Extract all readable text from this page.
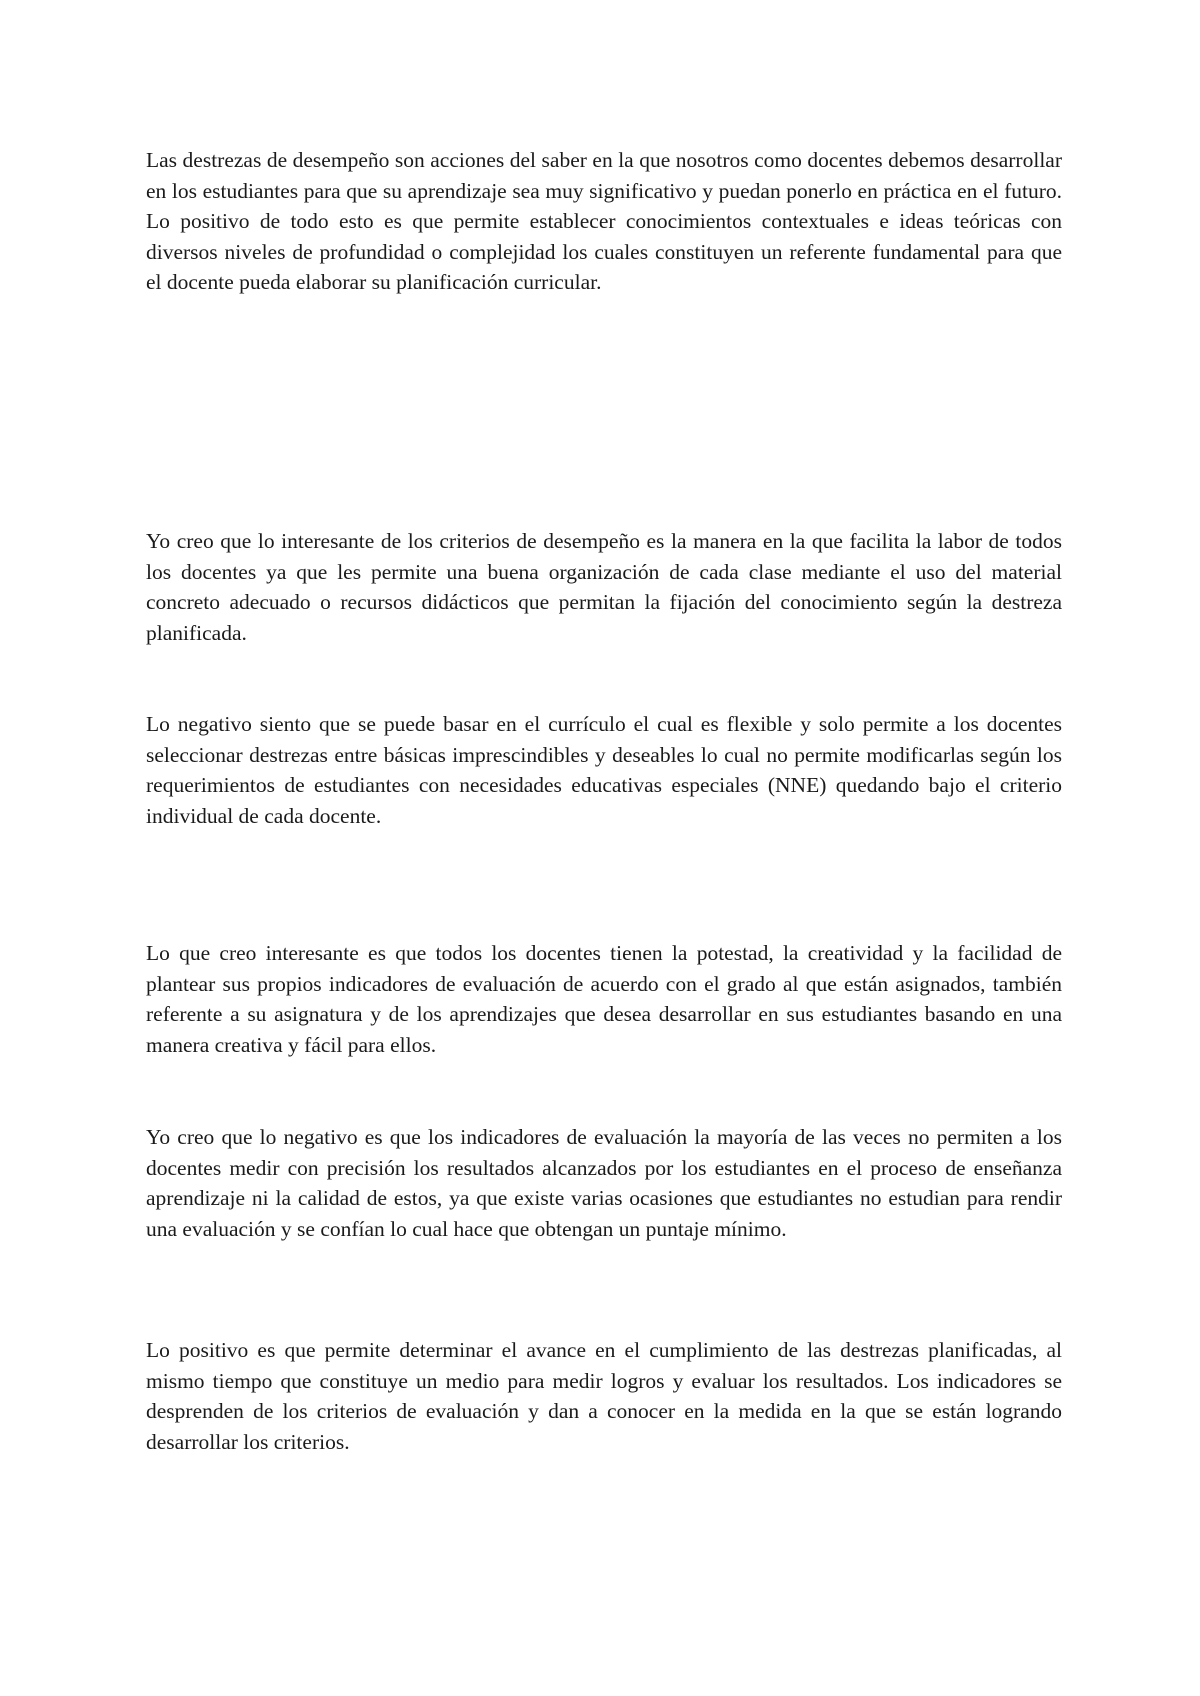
Las destrezas de desempeño son acciones del saber en la que nosotros como docentes debemos desarrollar en los estudiantes para que su aprendizaje sea muy significativo y puedan ponerlo en práctica en el futuro. Lo positivo de todo esto es que permite establecer conocimientos contextuales e ideas teóricas con diversos niveles de profundidad o complejidad los cuales constituyen un referente fundamental para que el docente pueda elaborar su planificación curricular.

Yo creo que lo interesante de los criterios de desempeño es la manera en la que facilita la labor de todos los docentes ya que les permite una buena organización de cada clase mediante el uso del material concreto adecuado o recursos didácticos que permitan la fijación del conocimiento según la destreza planificada.

Lo negativo siento que se puede basar en el currículo el cual es flexible y solo permite a los docentes seleccionar destrezas entre básicas imprescindibles y deseables lo cual no permite modificarlas según los requerimientos de estudiantes con necesidades educativas especiales (NNE) quedando bajo el criterio individual de cada docente.

Lo que creo interesante es que todos los docentes tienen la potestad, la creatividad y la facilidad de plantear sus propios indicadores de evaluación de acuerdo con el grado al que están asignados, también referente a su asignatura y de los aprendizajes que desea desarrollar en sus estudiantes basando en una manera creativa y fácil para ellos.

Yo creo que lo negativo es que los indicadores de evaluación la mayoría de las veces no permiten a los docentes medir con precisión los resultados alcanzados por los estudiantes en el proceso de enseñanza aprendizaje ni la calidad de estos, ya que existe varias ocasiones que estudiantes no estudian para rendir una evaluación y se confían lo cual hace que obtengan un puntaje mínimo.

Lo positivo es que permite determinar el avance en el cumplimiento de las destrezas planificadas, al mismo tiempo que constituye un medio para medir logros y evaluar los resultados. Los indicadores se desprenden de los criterios de evaluación y dan a conocer en la medida en la que se están logrando desarrollar los criterios.
